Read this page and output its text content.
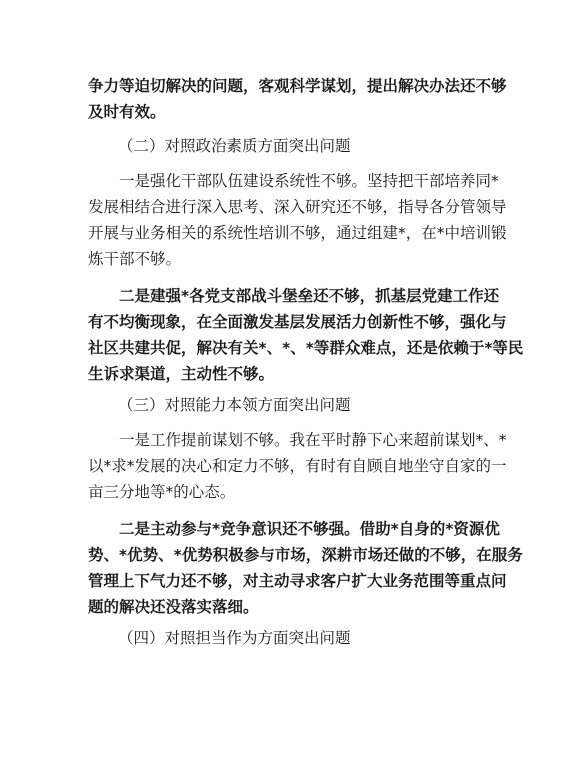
争力等迫切解决的问题，客观科学谋划，提出解决办法还不够
及时有效。

（二）对照政治素质方面突出问题

一是强化干部队伍建设系统性不够。坚持把干部培养同*
发展相结合进行深入思考、深入研究还不够，指导各分管领导
开展与业务相关的系统性培训不够，通过组建*，在*中培训锻
炼干部不够。
二是建强*各党支部战斗堡垒还不够，抓基层党建工作还
有不均衡现象，在全面激发基层发展活力创新性不够，强化与
社区共建共促，解决有关*、*、*等群众难点，还是依赖于*等民
生诉求渠道，主动性不够。

（三）对照能力本领方面突出问题

一是工作提前谋划不够。我在平时静下心来超前谋划*、*
以*求*发展的决心和定力不够，有时有自顾自地坐守自家的一
亩三分地等*的心态。
二是主动参与*竞争意识还不够强。借助*自身的*资源优
势、*优势、*优势积极参与市场，深耕市场还做的不够，在服务
管理上下气力还不够，对主动寻求客户扩大业务范围等重点问
题的解决还没落实落细。

（四）对照担当作为方面突出问题
